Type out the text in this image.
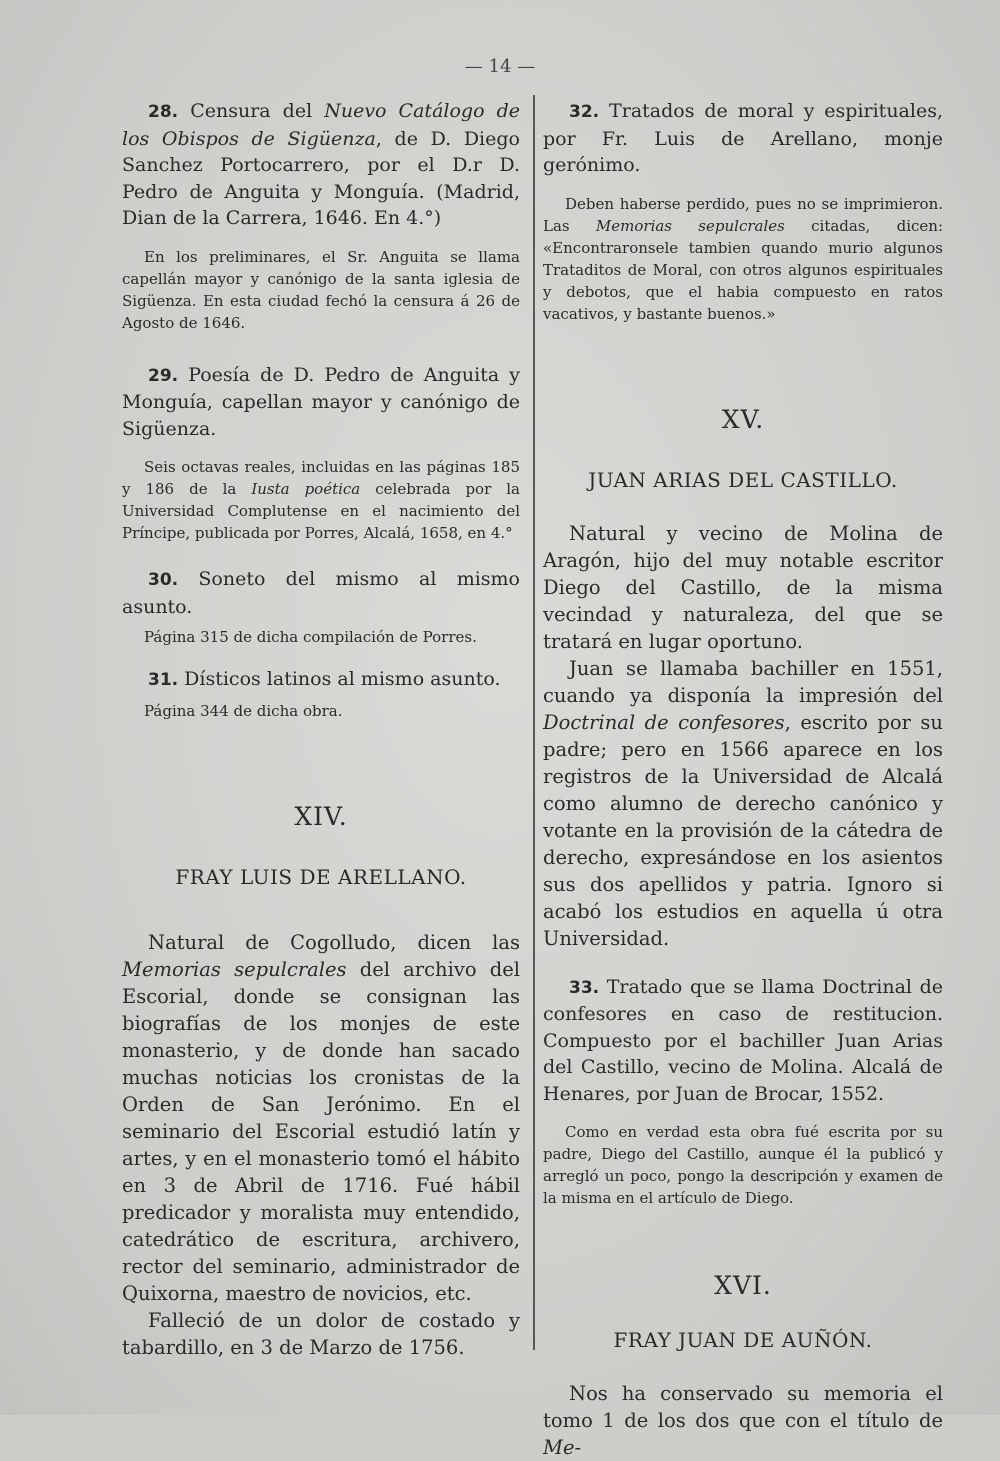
— 14 —

28. Censura del Nuevo Catálogo de los Obispos de Sigüenza, de D. Diego Sanchez Portocarrero, por el D.r D. Pedro de Anguita y Monguía. (Madrid, Dian de la Carrera, 1646. En 4.°)

En los preliminares, el Sr. Anguita se llama capellán mayor y canónigo de la santa iglesia de Sigüenza. En esta ciudad fechó la censura á 26 de Agosto de 1646.

29. Poesía de D. Pedro de Anguita y Monguía, capellan mayor y canónigo de Sigüenza.

Seis octavas reales, incluidas en las páginas 185 y 186 de la Iusta poética celebrada por la Universidad Complutense en el nacimiento del Príncipe, publicada por Porres, Alcalá, 1658, en 4.°

30. Soneto del mismo al mismo asunto.

Página 315 de dicha compilación de Porres.

31. Dísticos latinos al mismo asunto.

Página 344 de dicha obra.

XIV.

FRAY LUIS DE ARELLANO.

Natural de Cogolludo, dicen las Memorias sepulcrales del archivo del Escorial, donde se consignan las biografías de los monjes de este monasterio, y de donde han sacado muchas noticias los cronistas de la Orden de San Jerónimo. En el seminario del Escorial estudió latín y artes, y en el monasterio tomó el hábito en 3 de Abril de 1716. Fué hábil predicador y moralista muy entendido, catedrático de escritura, archivero, rector del seminario, administrador de Quixorna, maestro de novicios, etc.

Falleció de un dolor de costado y tabardillo, en 3 de Marzo de 1756.

32. Tratados de moral y espirituales, por Fr. Luis de Arellano, monje gerónimo.

Deben haberse perdido, pues no se imprimieron. Las Memorias sepulcrales citadas, dicen: «Encontraronsele tambien quando murio algunos Trataditos de Moral, con otros algunos espirituales y debotos, que el habia compuesto en ratos vacativos, y bastante buenos.»

XV.

JUAN ARIAS DEL CASTILLO.

Natural y vecino de Molina de Aragón, hijo del muy notable escritor Diego del Castillo, de la misma vecindad y naturaleza, del que se tratará en lugar oportuno.

Juan se llamaba bachiller en 1551, cuando ya disponía la impresión del Doctrinal de confesores, escrito por su padre; pero en 1566 aparece en los registros de la Universidad de Alcalá como alumno de derecho canónico y votante en la provisión de la cátedra de derecho, expresándose en los asientos sus dos apellidos y patria. Ignoro si acabó los estudios en aquella ú otra Universidad.

33. Tratado que se llama Doctrinal de confesores en caso de restitucion. Compuesto por el bachiller Juan Arias del Castillo, vecino de Molina. Alcalá de Henares, por Juan de Brocar, 1552.

Como en verdad esta obra fué escrita por su padre, Diego del Castillo, aunque él la publicó y arregló un poco, pongo la descripción y examen de la misma en el artículo de Diego.

XVI.

FRAY JUAN DE AUÑÓN.

Nos ha conservado su memoria el tomo 1 de los dos que con el título de Me-
